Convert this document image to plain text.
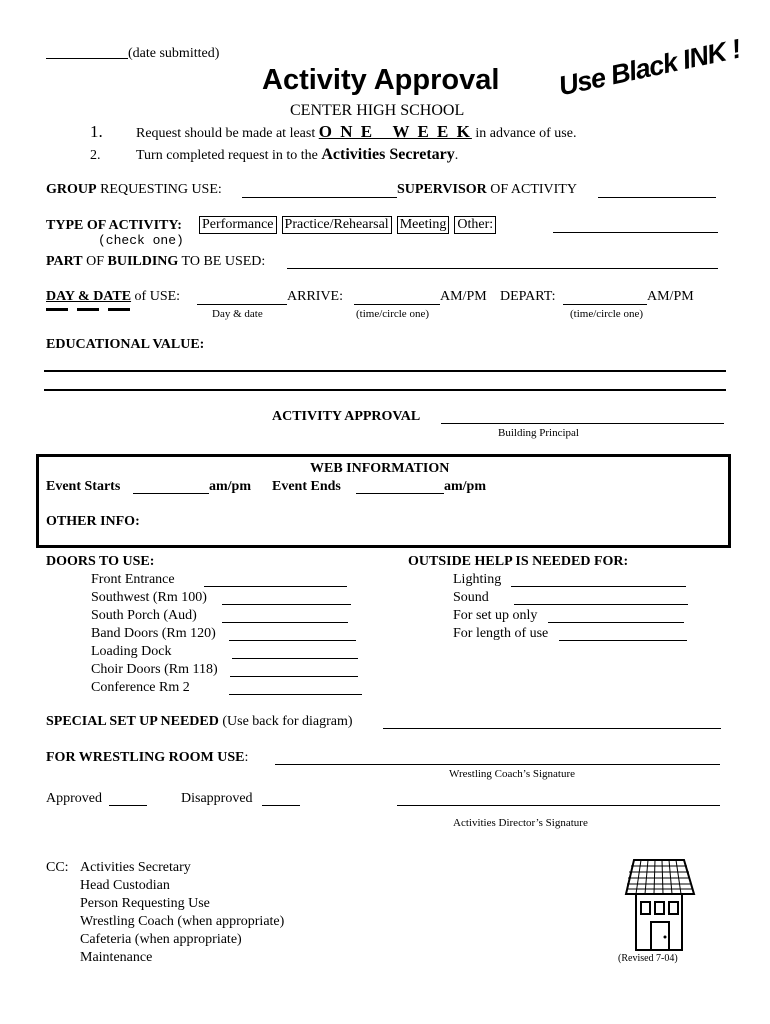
(date submitted)
Activity Approval
CENTER HIGH SCHOOL
Use Black INK !
1. Request should be made at least O N E   W E E K in advance of use.
2.	Turn completed request in to the Activities Secretary.
GROUP REQUESTING USE:	SUPERVISOR OF ACTIVITY
TYPE OF ACTIVITY: Performance Practice/Rehearsal Meeting Other:
(check one)
PART OF BUILDING TO BE USED:
DAY & DATE of USE:	ARRIVE:	AM/PM DEPART:	AM/PM
Day & date	(time/circle one)	(time/circle one)
EDUCATIONAL VALUE:
ACTIVITY APPROVAL
Building Principal
WEB INFORMATION
Event Starts	am/pm Event Ends	am/pm
OTHER INFO:
DOORS TO USE:
Front Entrance
Southwest (Rm 100)
South Porch (Aud)
Band Doors (Rm 120)
Loading Dock
Choir Doors (Rm 118)
Conference Rm 2
OUTSIDE HELP IS NEEDED FOR:
Lighting
Sound
For set up only
For length of use
SPECIAL SET UP NEEDED (Use back for diagram)
FOR WRESTLING ROOM USE:
Wrestling Coach’s Signature
Approved	Disapproved
Activities Director’s Signature
CC: Activities Secretary
Head Custodian
Person Requesting Use
Wrestling Coach (when appropriate)
Cafeteria (when appropriate)
Maintenance	(Revised 7-04)
